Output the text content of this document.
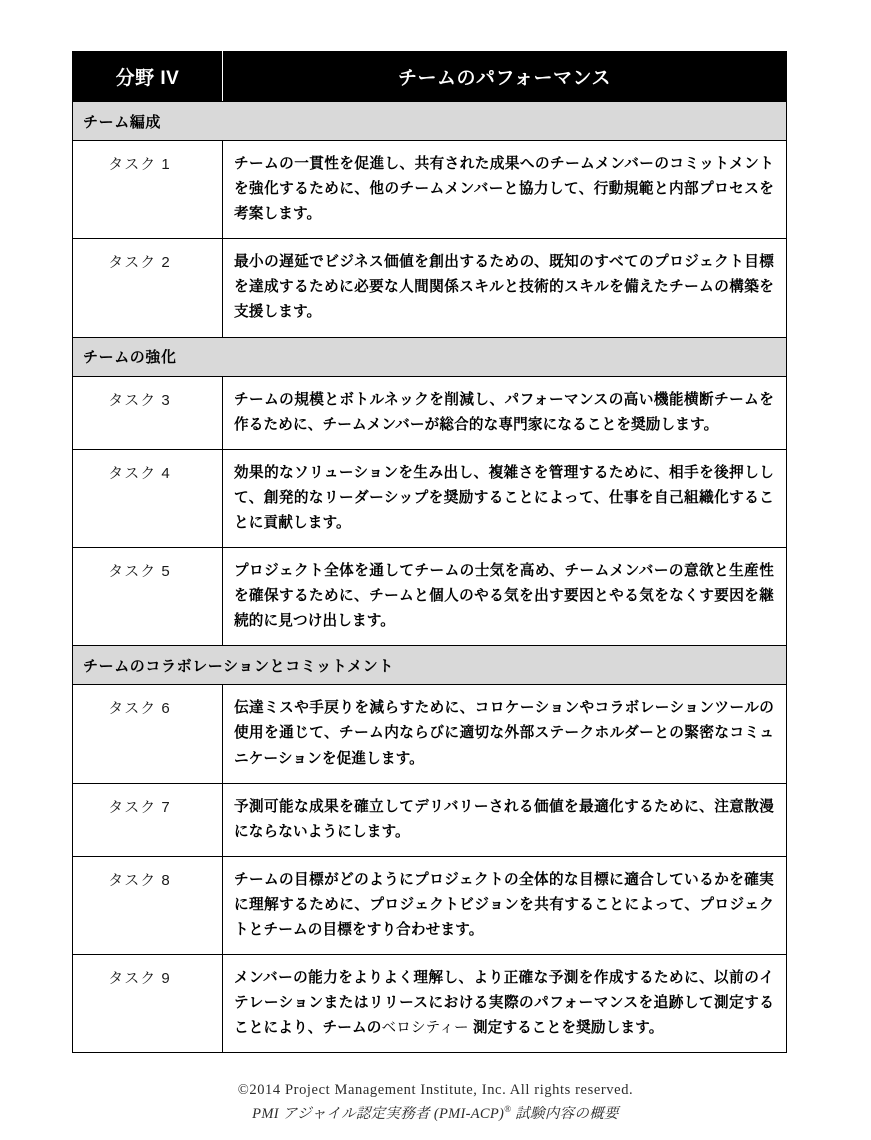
分野 IV	チームのパフォーマンス
チーム編成	
タスク 1	チームの一貫性を促進し、共有された成果へのチームメンバーのコミットメントを強化するために、他のチームメンバーと協力して、行動規範と内部プロセスを考案します。
タスク 2	最小の遅延でビジネス価値を創出するための、既知のすべてのプロジェクト目標を達成するために必要な人間関係スキルと技術的スキルを備えたチームの構築を支援します。
チームの強化	
タスク 3	チームの規模とボトルネックを削減し、パフォーマンスの高い機能横断チームを作るために、チームメンバーが総合的な専門家になることを奨励します。
タスク 4	効果的なソリューションを生み出し、複雑さを管理するために、相手を後押しして、創発的なリーダーシップを奨励することによって、仕事を自己組織化することに貢献します。
タスク 5	プロジェクト全体を通してチームの士気を高め、チームメンバーの意欲と生産性を確保するために、チームと個人のやる気を出す要因とやる気をなくす要因を継続的に見つけ出します。
チームのコラボレーションとコミットメント	
タスク 6	伝達ミスや手戻りを減らすために、コロケーションやコラボレーションツールの使用を通じて、チーム内ならびに適切な外部ステークホルダーとの緊密なコミュニケーションを促進します。
タスク 7	予測可能な成果を確立してデリバリーされる価値を最適化するために、注意散漫にならないようにします。
タスク 8	チームの目標がどのようにプロジェクトの全体的な目標に適合しているかを確実に理解するために、プロジェクトビジョンを共有することによって、プロジェクトとチームの目標をすり合わせます。
タスク 9	メンバーの能力をよりよく理解し、より正確な予測を作成するために、以前のイテレーションまたはリリースにおける実際のパフォーマンスを追跡して測定することにより、チームのベロシティー 測定することを奨励します。
©2014 Project Management Institute, Inc. All rights reserved.
PMI アジャイル認定実務者 (PMI-ACP)® 試験内容の概要
